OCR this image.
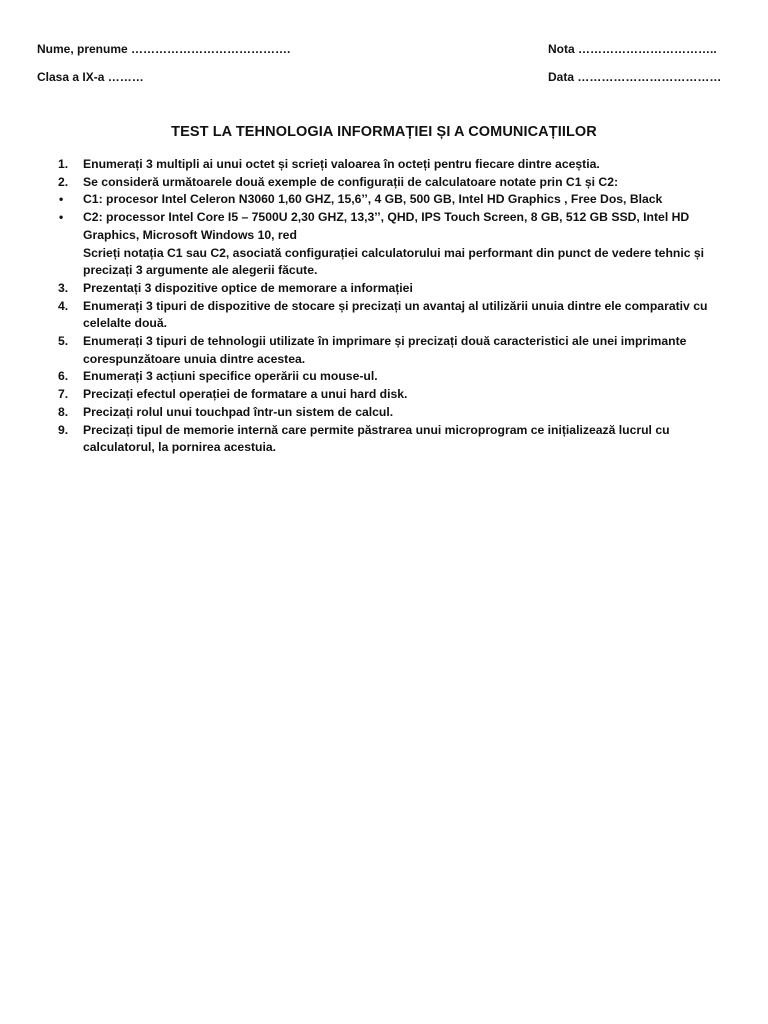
Nume, prenume ………………………………….	Nota ……………………………..
Clasa a IX-a ………	Data ………………………………
TEST LA TEHNOLOGIA INFORMAȚIEI ȘI A COMUNICAȚIILOR
1. Enumerați 3 multipli ai unui octet și scrieți valoarea în octeți pentru fiecare dintre aceștia.
2. Se consideră următoarele două exemple de configurații de calculatoare notate prin C1 și C2:
• C1: procesor Intel Celeron N3060 1,60 GHZ, 15,6’’, 4 GB, 500 GB, Intel HD Graphics , Free Dos, Black
• C2: processor Intel Core I5 – 7500U 2,30 GHZ, 13,3’’, QHD, IPS Touch Screen, 8 GB, 512 GB SSD, Intel HD Graphics, Microsoft Windows 10, red
Scrieți notația C1 sau C2, asociată configurației calculatorului mai performant din punct de vedere tehnic și precizați 3 argumente ale alegerii făcute.
3. Prezentați 3 dispozitive optice de memorare a informației
4. Enumerați 3 tipuri de dispozitive de stocare și precizați un avantaj al utilizării unuia dintre ele comparativ cu celelalte două.
5. Enumerați 3 tipuri de tehnologii utilizate în imprimare și precizați două caracteristici ale unei imprimante corespunzătoare unuia dintre acestea.
6. Enumerați 3 acțiuni specifice operării cu mouse-ul.
7. Precizați efectul operației de formatare a unui hard disk.
8. Precizați rolul unui touchpad într-un sistem de calcul.
9. Precizați tipul de memorie internă care permite păstrarea unui microprogram ce inițializează lucrul cu calculatorul, la pornirea acestuia.
